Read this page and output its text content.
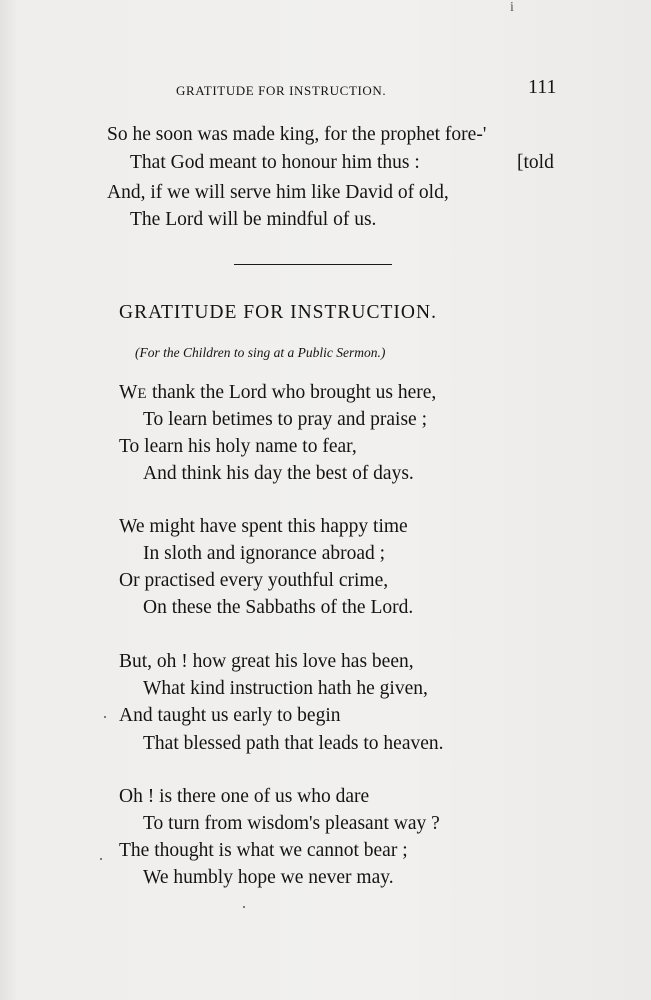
i
GRATITUDE FOR INSTRUCTION.	111
So he soon was made king, for the prophet fore-'
That God meant to honour him thus :	[told
And, if we will serve him like David of old,
The Lord will be mindful of us.
GRATITUDE FOR INSTRUCTION.
(For the Children to sing at a Public Sermon.)
WE thank the Lord who brought us here,
To learn betimes to pray and praise ;
To learn his holy name to fear,
And think his day the best of days.
We might have spent this happy time
In sloth and ignorance abroad ;
Or practised every youthful crime,
On these the Sabbaths of the Lord.
But, oh ! how great his love has been,
What kind instruction hath he given,
And taught us early to begin
That blessed path that leads to heaven.
Oh ! is there one of us who dare
To turn from wisdom's pleasant way ?
The thought is what we cannot bear ;
We humbly hope we never may.
